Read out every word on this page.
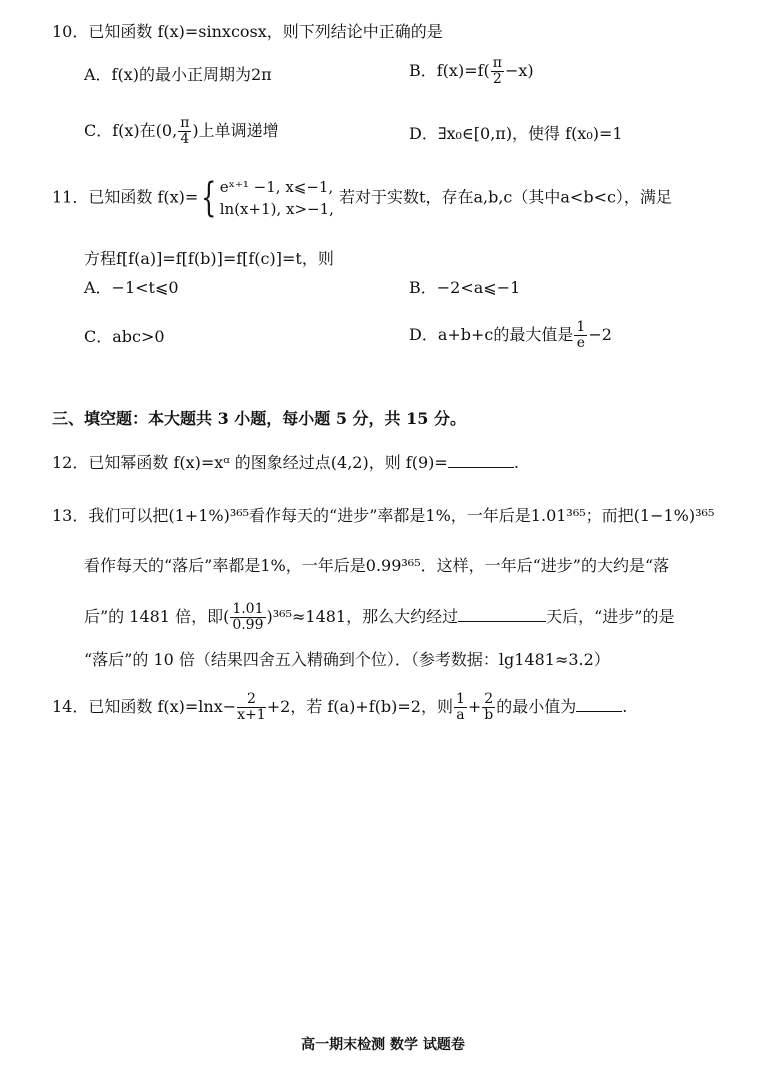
10．已知函数 f(x)=sinxcosx，则下列结论中正确的是
A．f(x)的最小正周期为2π	B．$f(x)=f( \frac{\pi}{2} -x)$
C．f(x)在(0, $\frac{\pi}{4}$ )上单调递增	D．∃x₀∈[0,π)，使得 f(x₀)=1
11．已知函数 f(x)={ eˣ⁺¹ −1, x⩽−1,
ln(x+1), x>−1,
若对于实数t，存在a,b,c（其中a<b<c），满足
方程f[f(a)]=f[f(b)]=f[f(c)]=t，则
A．−1<t⩽0	B．−2<a⩽−1
C．abc>0	D．a+b+c的最大值是 $\frac{1}{e} -2$
三、填空题：本大题共 3 小题，每小题 5 分，共 15 分。
12．已知幂函数 f(x)=xᵅ 的图象经过点(4,2)，则 f(9)=	.
13．我们可以把(1+1%)³⁶⁵看作每天的“进步”率都是1%，一年后是1.01³⁶⁵；而把(1−1%)³⁶⁵
看作每天的“落后”率都是1%，一年后是0.99³⁶⁵．这样，一年后“进步”的大约是“落
后”的 1481 倍，即( $\frac{1.01}{0.99} )^{365}\approx 1481$，那么大约经过	天后，“进步”的是
“落后”的 10 倍（结果四舍五入精确到个位）．（参考数据：lg1481≈3.2）
14．已知函数 $f(x)=\ln x- \frac{2}{x+1} +2$，若 f(a)+f(b)=2，则 $\frac{1}{a} + \frac{2}{b}$ 的最小值为	.
高一期末检测 数学 试题卷
